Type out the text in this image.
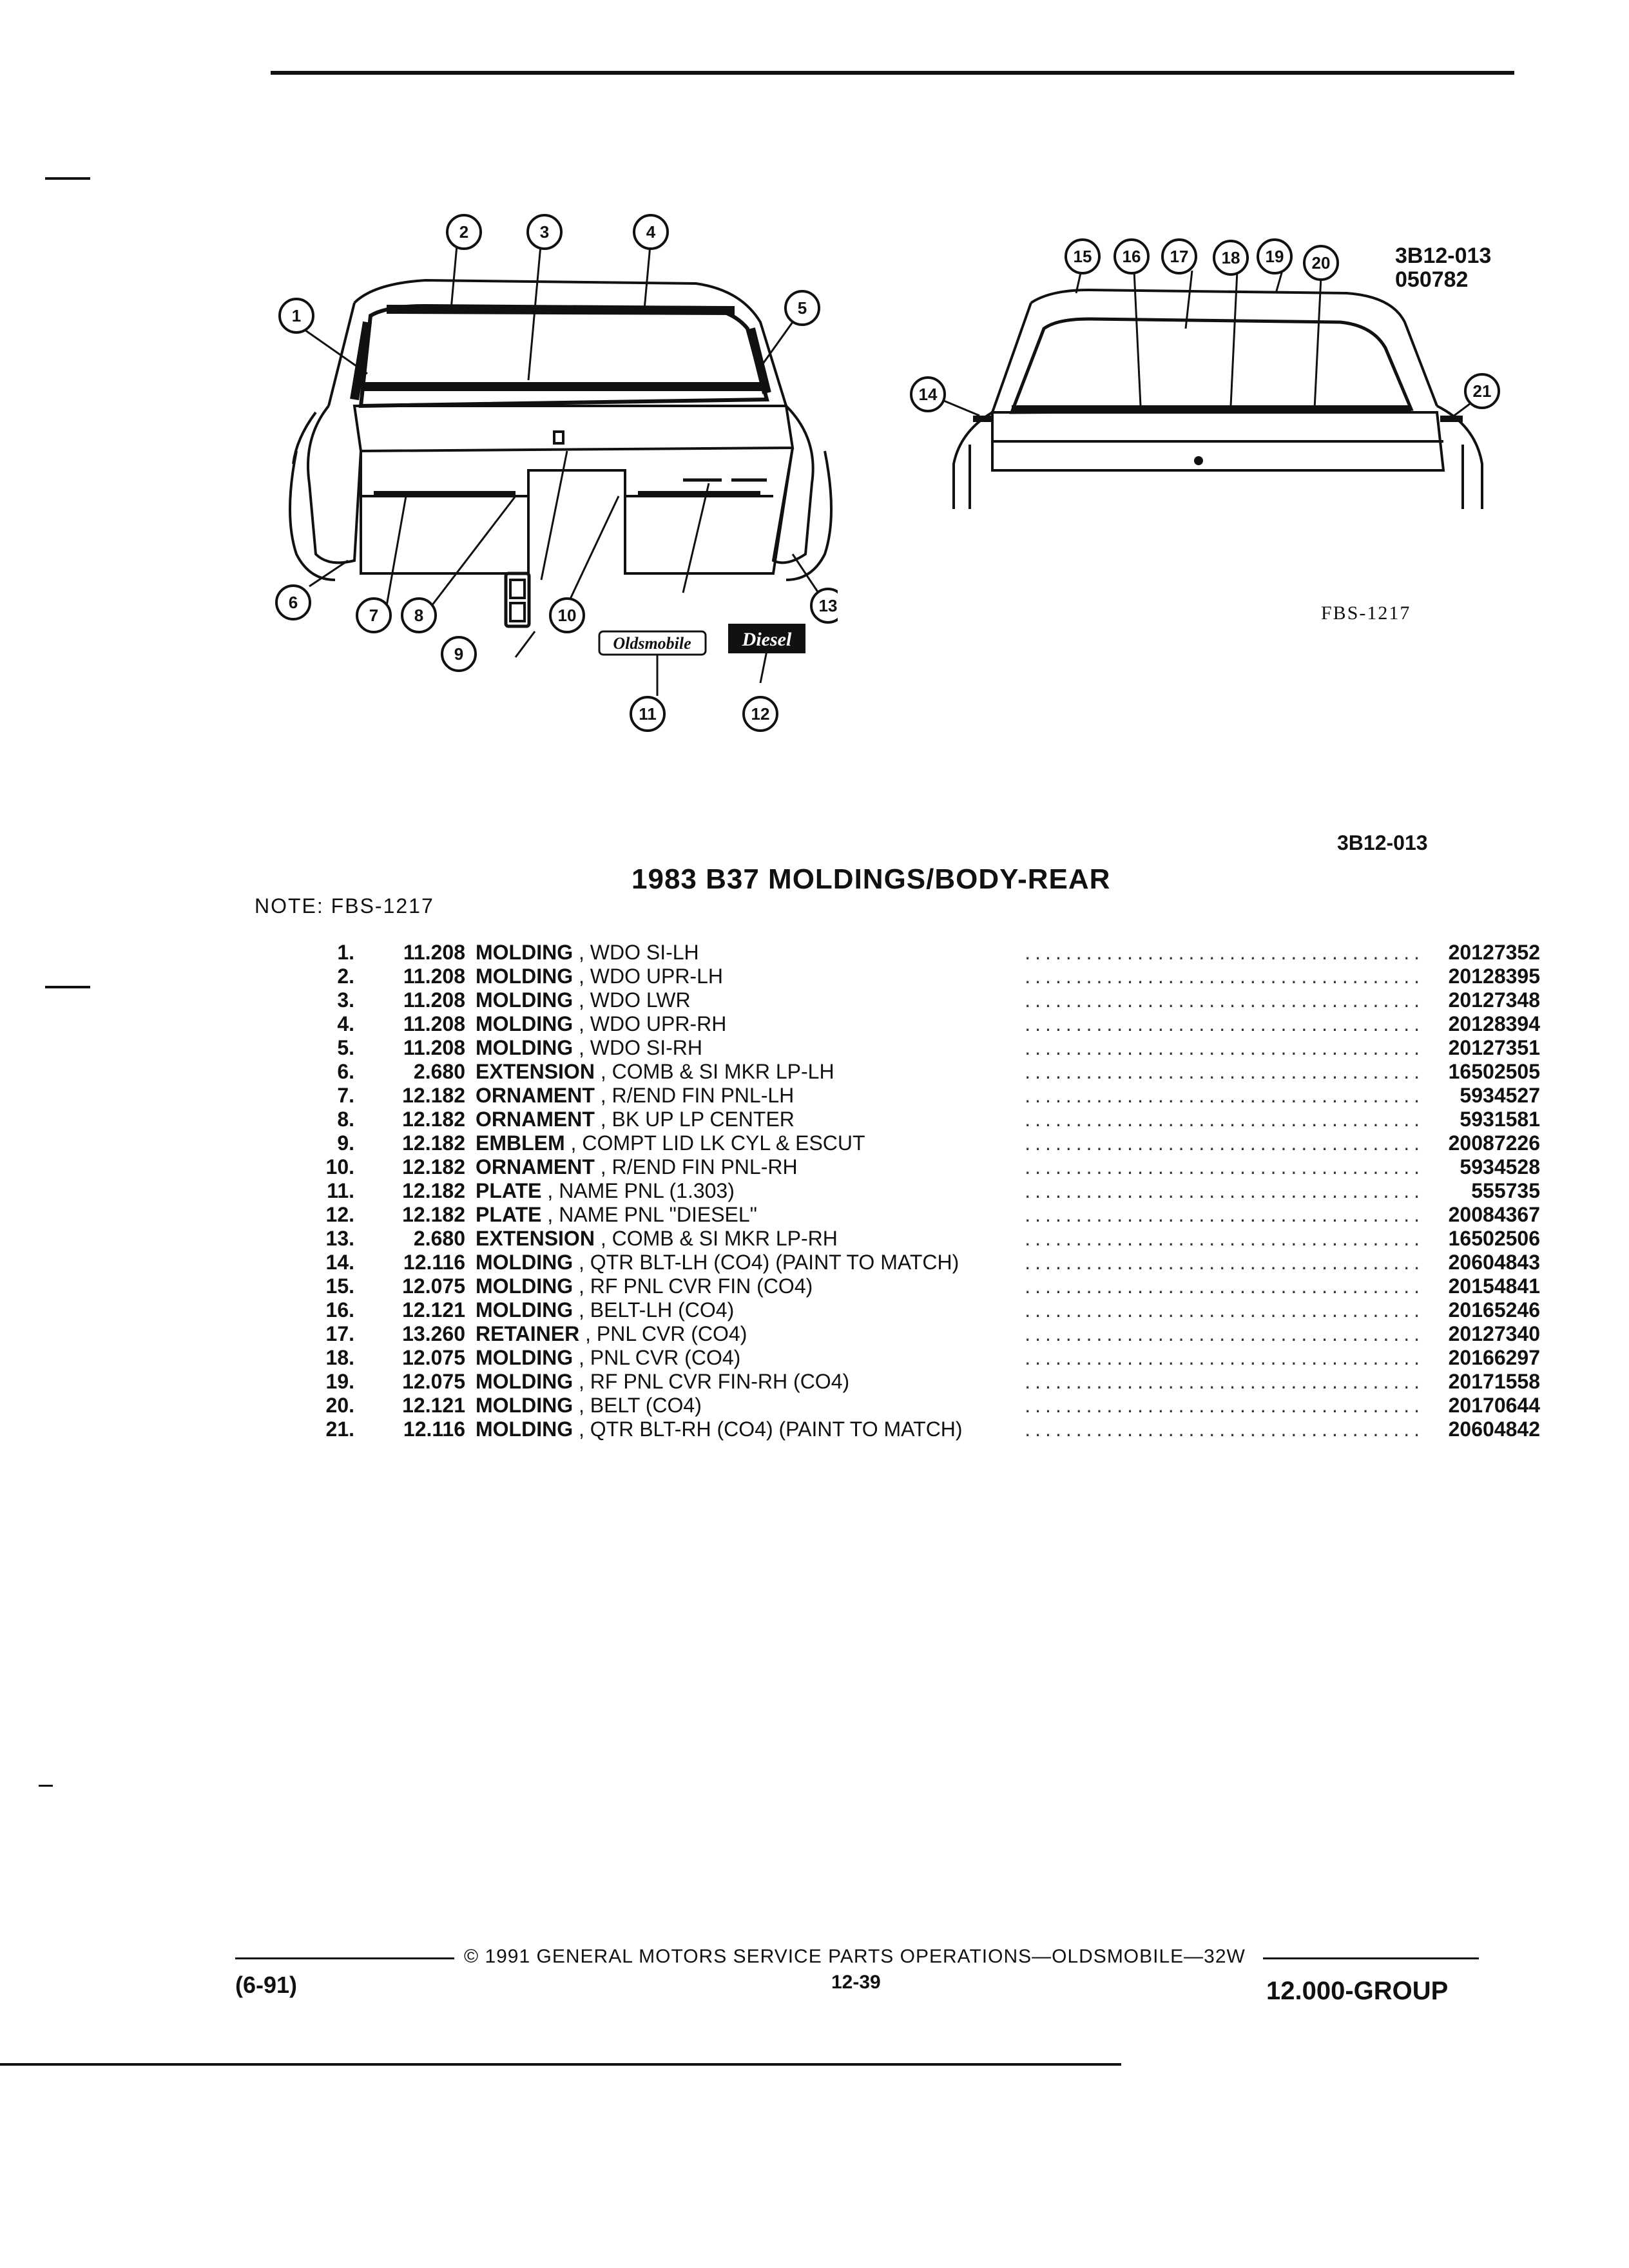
1
2	3	4
5
6
7 8
9
10
11	12
13
Oldsmobile	Diesel
14
15 16 17 18 19 20
21
3B12-013
050782
FBS-1217
3B12-013
1983 B37 MOLDINGS/BODY-REAR
NOTE: FBS-1217
1.	11.208 MOLDING , WDO SI-LH	.......................................	20127352
2.	11.208 MOLDING , WDO UPR-LH	.......................................	20128395
3.	11.208 MOLDING , WDO LWR	.......................................	20127348
4.	11.208 MOLDING , WDO UPR-RH	.......................................	20128394
5.	11.208 MOLDING , WDO SI-RH	.......................................	20127351
6.	2.680 EXTENSION , COMB & SI MKR LP-LH	.......................................	16502505
7.	12.182 ORNAMENT , R/END FIN PNL-LH	.......................................	5934527
8.	12.182 ORNAMENT , BK UP LP CENTER	.......................................	5931581
9.	12.182 EMBLEM , COMPT LID LK CYL & ESCUT	.......................................	20087226
10.	12.182 ORNAMENT , R/END FIN PNL-RH	.......................................	5934528
11.	12.182 PLATE , NAME PNL (1.303)	.......................................	555735
12.	12.182 PLATE , NAME PNL "DIESEL"	.......................................	20084367
13.	2.680 EXTENSION , COMB & SI MKR LP-RH	.......................................	16502506
14.	12.116 MOLDING , QTR BLT-LH (CO4) (PAINT TO MATCH)	.......................................	20604843
15.	12.075 MOLDING , RF PNL CVR FIN (CO4)	.......................................	20154841
16.	12.121 MOLDING , BELT-LH (CO4)	.......................................	20165246
17.	13.260 RETAINER , PNL CVR (CO4)	.......................................	20127340
18.	12.075 MOLDING , PNL CVR (CO4)	.......................................	20166297
19.	12.075 MOLDING , RF PNL CVR FIN-RH (CO4)	.......................................	20171558
20.	12.121 MOLDING , BELT (CO4)	.......................................	20170644
21.	12.116 MOLDING , QTR BLT-RH (CO4) (PAINT TO MATCH)	.......................................	20604842
© 1991 GENERAL MOTORS SERVICE PARTS OPERATIONS—OLDSMOBILE—32W
(6-91)	12-39	12.000-GROUP
